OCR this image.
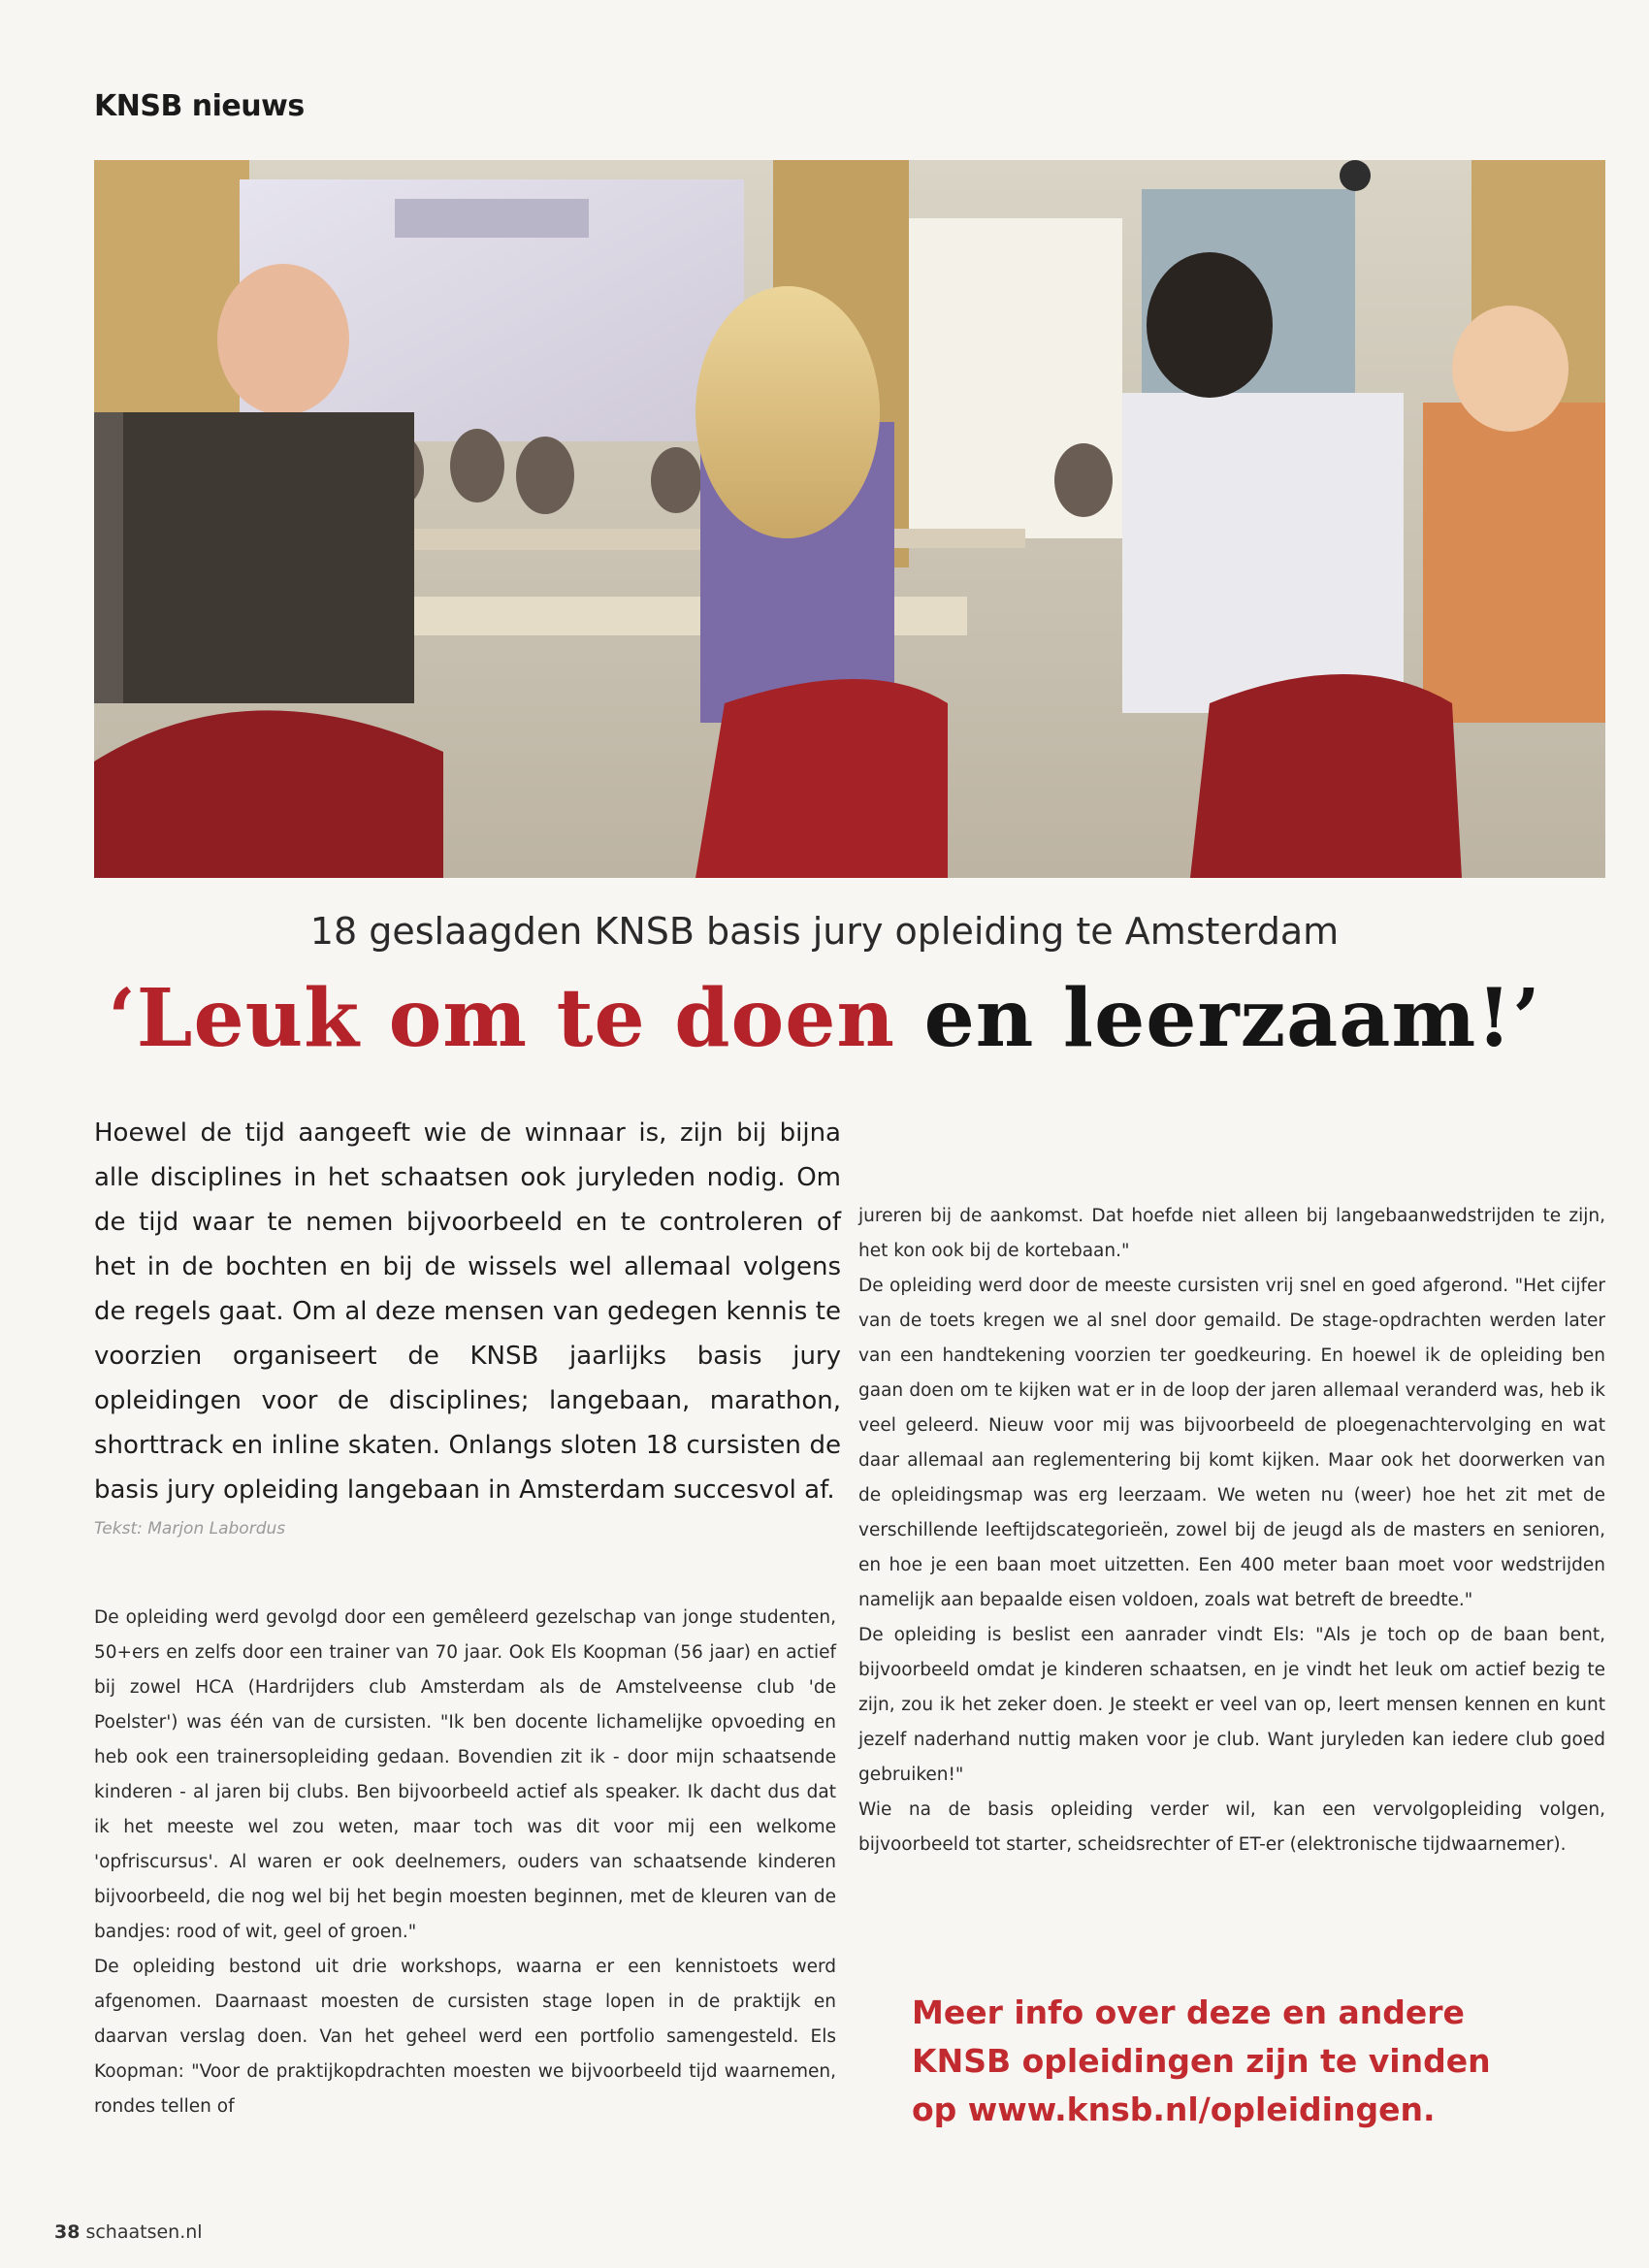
KNSB nieuws
18 geslaagden KNSB basis jury opleiding te Amsterdam
‘Leuk om te doen en leerzaam!’

Hoewel de tijd aangeeft wie de winnaar is, zijn bij bijna alle disciplines in het schaatsen ook juryleden nodig. Om de tijd waar te nemen bijvoorbeeld en te controleren of het in de bochten en bij de wissels wel allemaal volgens de regels gaat. Om al deze mensen van gedegen kennis te voorzien organiseert de KNSB jaarlijks basis jury opleidingen voor de disciplines; langebaan, marathon, shorttrack en inline skaten. Onlangs sloten 18 cursisten de basis jury opleiding langebaan in Amsterdam succesvol af.

Tekst: Marjon Labordus

De opleiding werd gevolgd door een gemêleerd gezelschap van jonge studenten, 50+ers en zelfs door een trainer van 70 jaar. Ook Els Koopman (56 jaar) en actief bij zowel HCA (Hardrijders club Amsterdam als de Amstelveense club 'de Poelster') was één van de cursisten. "Ik ben docente lichamelijke opvoeding en heb ook een trainersopleiding gedaan. Bovendien zit ik - door mijn schaatsende kinderen - al jaren bij clubs. Ben bijvoorbeeld actief als speaker. Ik dacht dus dat ik het meeste wel zou weten, maar toch was dit voor mij een welkome 'opfriscursus'. Al waren er ook deelnemers, ouders van schaatsende kinderen bijvoorbeeld, die nog wel bij het begin moesten beginnen, met de kleuren van de bandjes: rood of wit, geel of groen."

De opleiding bestond uit drie workshops, waarna er een kennistoets werd afgenomen. Daarnaast moesten de cursisten stage lopen in de praktijk en daarvan verslag doen. Van het geheel werd een portfolio samengesteld. Els Koopman: "Voor de praktijkopdrachten moesten we bijvoorbeeld tijd waarnemen, rondes tellen of

jureren bij de aankomst. Dat hoefde niet alleen bij langebaanwedstrijden te zijn, het kon ook bij de kortebaan."

De opleiding werd door de meeste cursisten vrij snel en goed afgerond. "Het cijfer van de toets kregen we al snel door gemaild. De stage-opdrachten werden later van een handtekening voorzien ter goedkeuring. En hoewel ik de opleiding ben gaan doen om te kijken wat er in de loop der jaren allemaal veranderd was, heb ik veel geleerd. Nieuw voor mij was bijvoorbeeld de ploegenachtervolging en wat daar allemaal aan reglementering bij komt kijken. Maar ook het doorwerken van de opleidingsmap was erg leerzaam. We weten nu (weer) hoe het zit met de verschillende leeftijdscategorieën, zowel bij de jeugd als de masters en senioren, en hoe je een baan moet uitzetten. Een 400 meter baan moet voor wedstrijden namelijk aan bepaalde eisen voldoen, zoals wat betreft de breedte."

De opleiding is beslist een aanrader vindt Els: "Als je toch op de baan bent, bijvoorbeeld omdat je kinderen schaatsen, en je vindt het leuk om actief bezig te zijn, zou ik het zeker doen. Je steekt er veel van op, leert mensen kennen en kunt jezelf naderhand nuttig maken voor je club. Want juryleden kan iedere club goed gebruiken!"

Wie na de basis opleiding verder wil, kan een vervolgopleiding volgen, bijvoorbeeld tot starter, scheidsrechter of ET-er (elektronische tijdwaarnemer).

Meer info over deze en andere
KNSB opleidingen zijn te vinden
op www.knsb.nl/opleidingen.
38 schaatsen.nl
